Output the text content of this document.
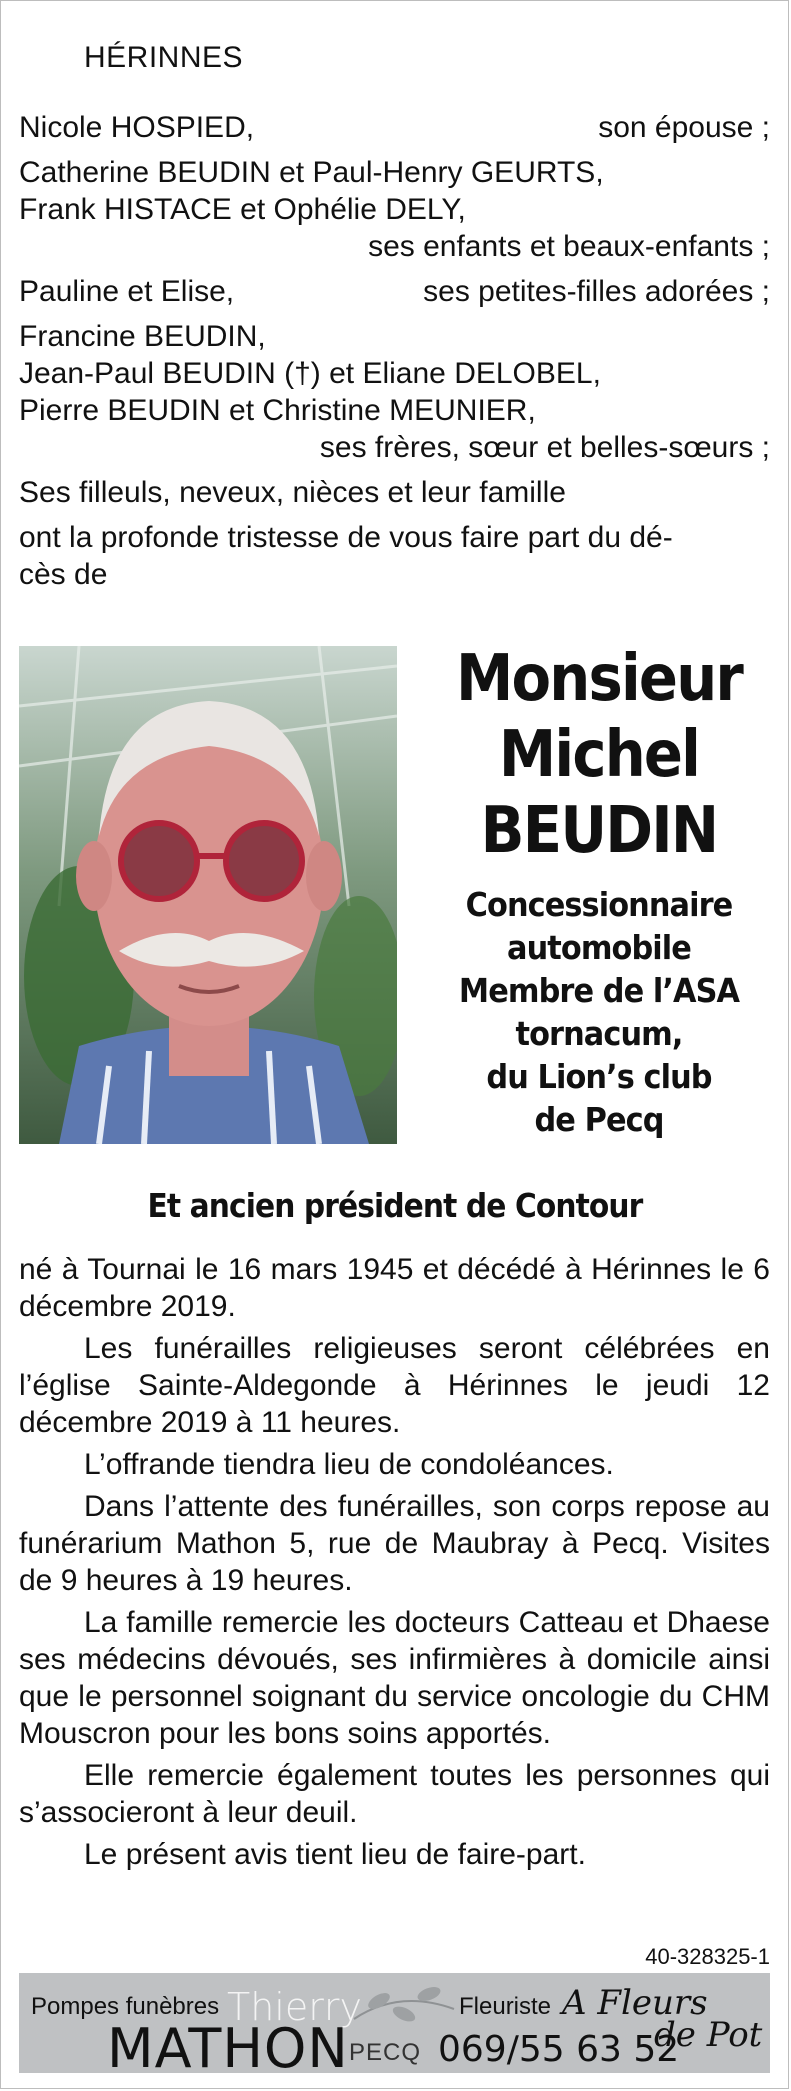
HÉRINNES
Nicole HOSPIED,	son épouse ;
Catherine BEUDIN et Paul-Henry GEURTS,
Frank HISTACE et Ophélie DELY,
ses enfants et beaux-enfants ;
Pauline et Elise,	ses petites-filles adorées ;
Francine BEUDIN,
Jean-Paul BEUDIN (†) et Eliane DELOBEL,
Pierre BEUDIN et Christine MEUNIER,
ses frères, sœur et belles-sœurs ;
Ses filleuls, neveux, nièces et leur famille
ont la profonde tristesse de vous faire part du dé-
cès de
Monsieur
Michel
BEUDIN
Concessionnaire
automobile
Membre de l’ASA
tornacum,
du Lion’s club
de Pecq
Et ancien président de Contour

né à Tournai le 16 mars 1945 et décédé à Hérinnes le 6 décembre 2019.

Les funérailles religieuses seront célébrées en l’église Sainte-Aldegonde à Hérinnes le jeudi 12 décembre 2019 à 11 heures.

L’offrande tiendra lieu de condoléances.

Dans l’attente des funérailles, son corps repose au funérarium Mathon 5, rue de Maubray à Pecq. Visites de 9 heures à 19 heures.

La famille remercie les docteurs Catteau et Dhaese ses médecins dévoués, ses infirmières à domicile ainsi que le personnel soignant du service oncologie du CHM Mouscron pour les bons soins apportés.

Elle remercie également toutes les personnes qui s’associeront à leur deuil.

Le présent avis tient lieu de faire-part.

40-328325-1
Pompes funèbres Thierry
MATHON PECQ 069/55 63 52
Fleuriste A Fleurs
de Pot
